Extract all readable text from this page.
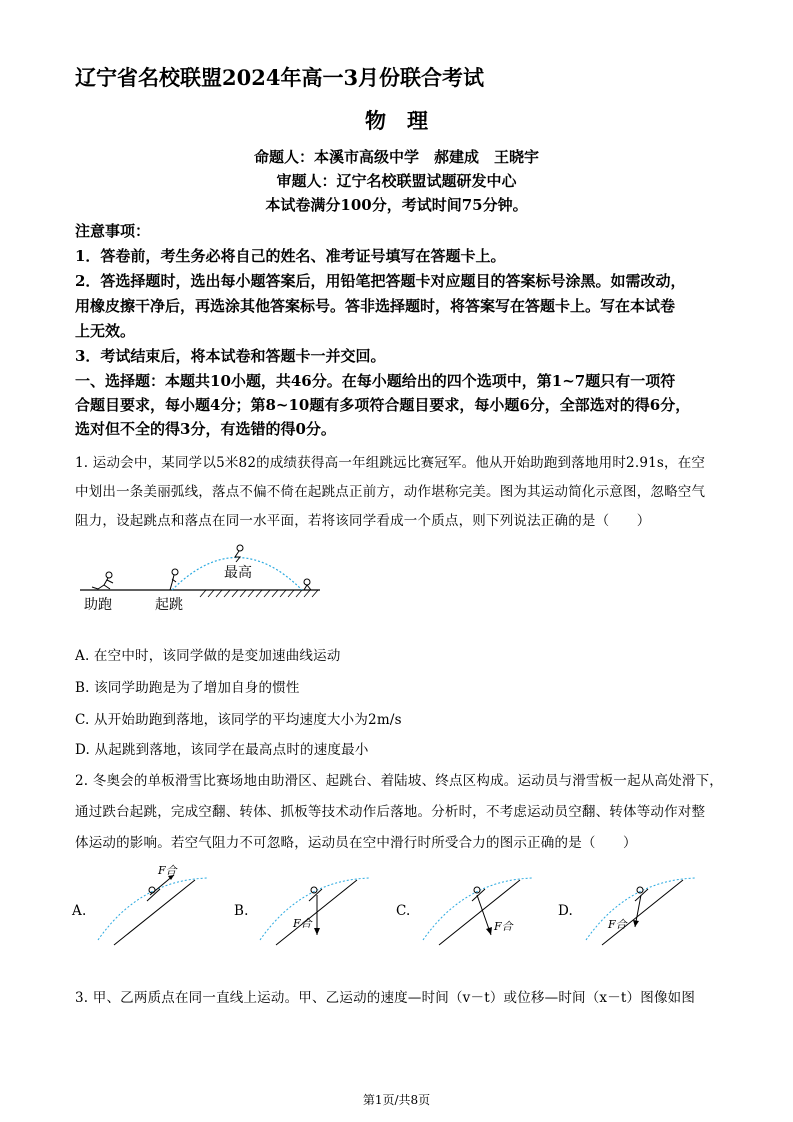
辽宁省名校联盟2024年高一3月份联合考试
物　理
命题人：本溪市高级中学　郝建成　王晓宇
审题人：辽宁名校联盟试题研发中心
本试卷满分100分，考试时间75分钟。
注意事项：
1．答卷前，考生务必将自己的姓名、准考证号填写在答题卡上。
2．答选择题时，选出每小题答案后，用铅笔把答题卡对应题目的答案标号涂黑。如需改动，
用橡皮擦干净后，再选涂其他答案标号。答非选择题时，将答案写在答题卡上。写在本试卷
上无效。
3．考试结束后，将本试卷和答题卡一并交回。
一、选择题：本题共10小题，共46分。在每小题给出的四个选项中，第1~7题只有一项符
合题目要求，每小题4分；第8~10题有多项符合题目要求，每小题6分，全部选对的得6分，
选对但不全的得3分，有选错的得0分。
1. 运动会中，某同学以5米82的成绩获得高一年组跳远比赛冠军。他从开始助跑到落地用时2.91s，在空
中划出一条美丽弧线，落点不偏不倚在起跳点正前方，动作堪称完美。图为其运动简化示意图，忽略空气
阻力，设起跳点和落点在同一水平面，若将该同学看成一个质点，则下列说法正确的是（　　）
助跑	起跳
最高
A. 在空中时，该同学做的是变加速曲线运动
B. 该同学助跑是为了增加自身的惯性
C. 从开始助跑到落地，该同学的平均速度大小为2m/s
D. 从起跳到落地，该同学在最高点时的速度最小
2. 冬奥会的单板滑雪比赛场地由助滑区、起跳台、着陆坡、终点区构成。运动员与滑雪板一起从高处滑下，
通过跌台起跳，完成空翻、转体、抓板等技术动作后落地。分析时，不考虑运动员空翻、转体等动作对整
体运动的影响。若空气阻力不可忽略，运动员在空中滑行时所受合力的图示正确的是（　　）
A.	B.	C.	D.
F合
F合	F合	F合
3. 甲、乙两质点在同一直线上运动。甲、乙运动的速度—时间（v－t）或位移—时间（x－t）图像如图
第1页/共8页
